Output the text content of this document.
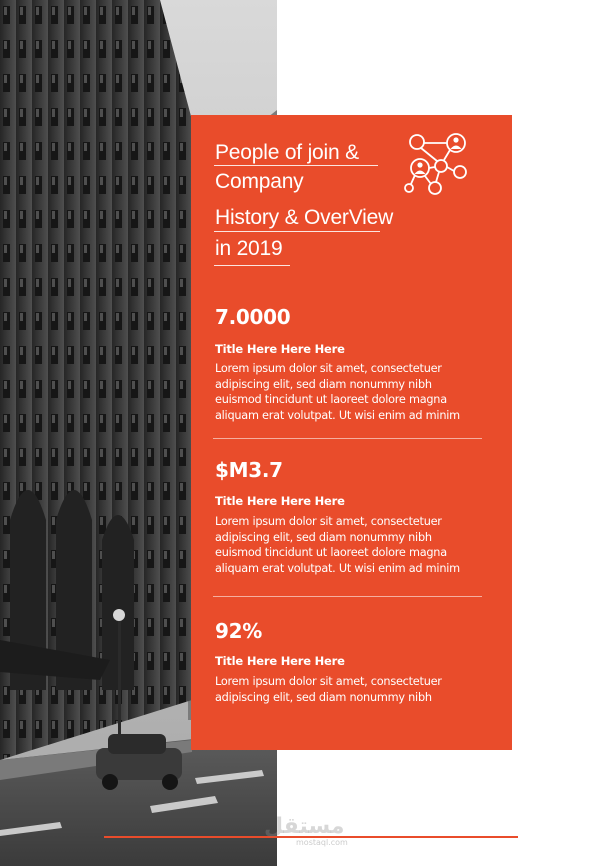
People of join &
Company
History & OverView
in 2019
7.0000
Title Here Here Here
Lorem ipsum dolor sit amet, consectetuer
adipiscing elit, sed diam nonummy nibh
euismod tincidunt ut laoreet dolore magna
aliquam erat volutpat. Ut wisi enim ad minim
$M3.7
Title Here Here Here
Lorem ipsum dolor sit amet, consectetuer
adipiscing elit, sed diam nonummy nibh
euismod tincidunt ut laoreet dolore magna
aliquam erat volutpat. Ut wisi enim ad minim
92%
Title Here Here Here
Lorem ipsum dolor sit amet, consectetuer
adipiscing elit, sed diam nonummy nibh
مستقل
mostaql.com
